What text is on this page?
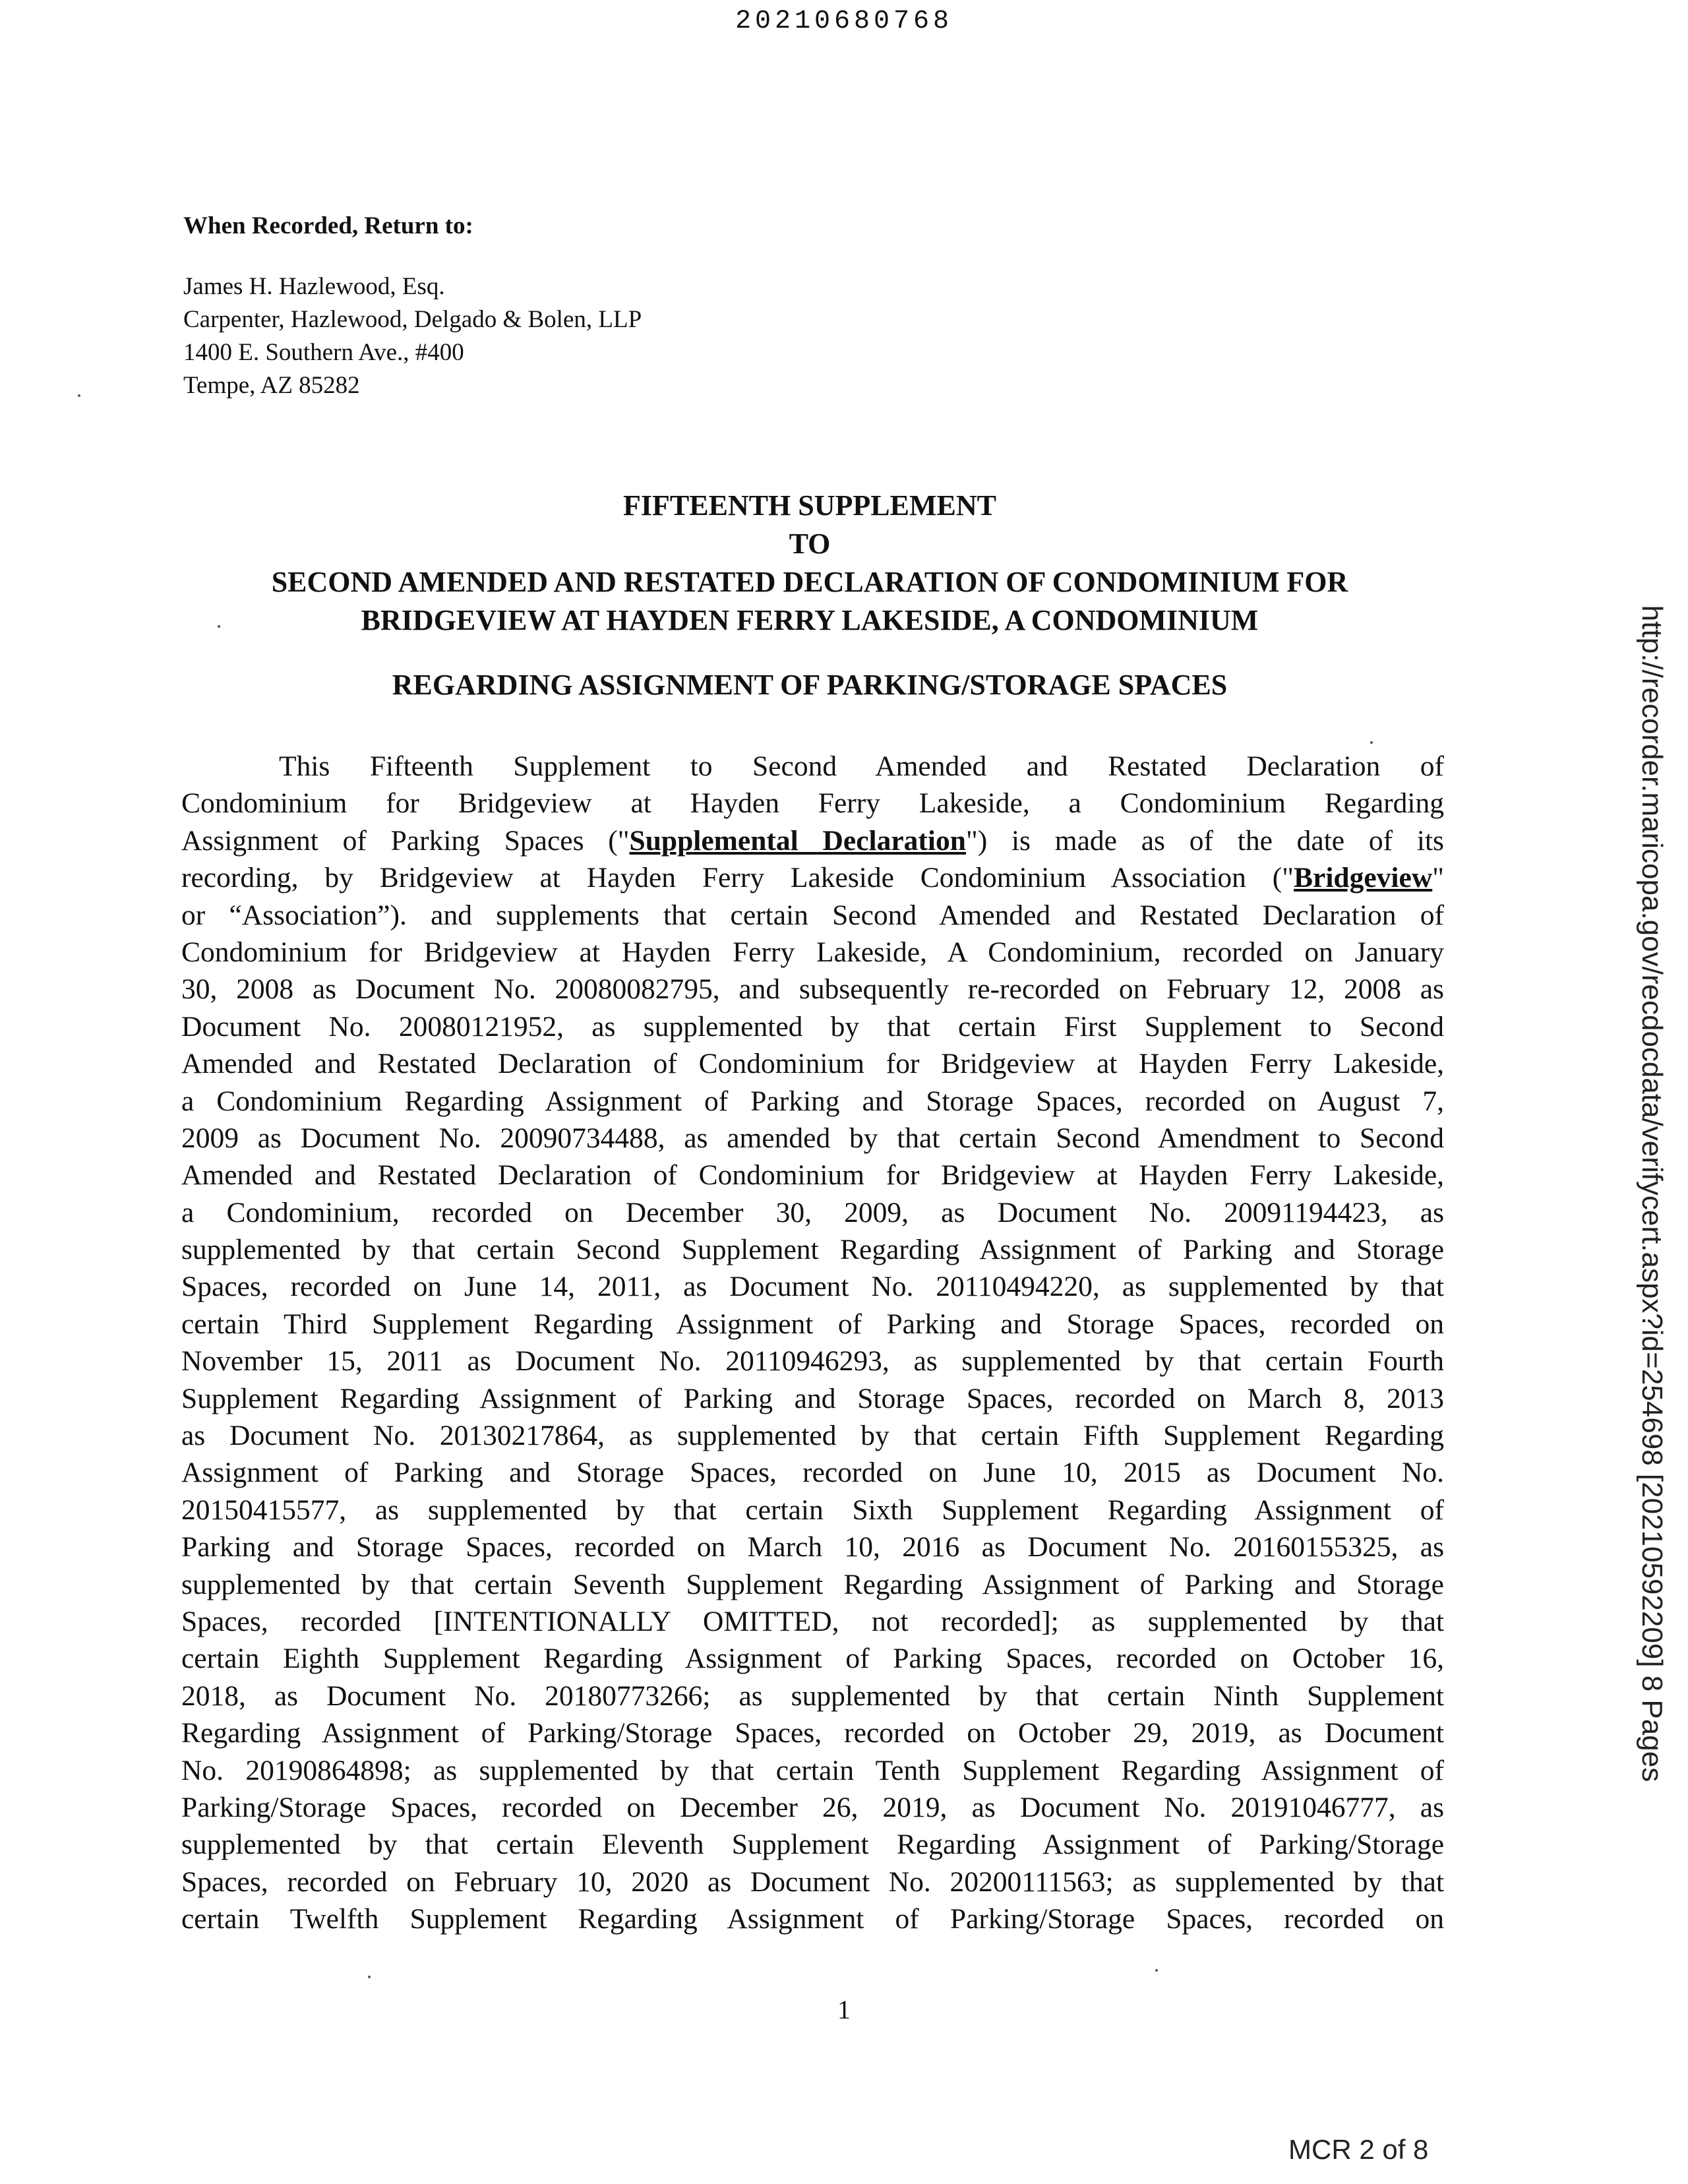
20210680768
When Recorded, Return to:
James H. Hazlewood, Esq.
Carpenter, Hazlewood, Delgado & Bolen, LLP
1400 E. Southern Ave., #400
Tempe, AZ 85282
FIFTEENTH SUPPLEMENT
TO
SECOND AMENDED AND RESTATED DECLARATION OF CONDOMINIUM FOR
BRIDGEVIEW AT HAYDEN FERRY LAKESIDE, A CONDOMINIUM
REGARDING ASSIGNMENT OF PARKING/STORAGE SPACES
This Fifteenth Supplement to Second Amended and Restated Declaration of
Condominium for Bridgeview at Hayden Ferry Lakeside, a Condominium Regarding
Assignment of Parking Spaces ("Supplemental Declaration") is made as of the date of its
recording, by Bridgeview at Hayden Ferry Lakeside Condominium Association ("Bridgeview"
or “Association”). and supplements that certain Second Amended and Restated Declaration of
Condominium for Bridgeview at Hayden Ferry Lakeside, A Condominium, recorded on January
30, 2008 as Document No. 20080082795, and subsequently re-recorded on February 12, 2008 as
Document No. 20080121952, as supplemented by that certain First Supplement to Second
Amended and Restated Declaration of Condominium for Bridgeview at Hayden Ferry Lakeside,
a Condominium Regarding Assignment of Parking and Storage Spaces, recorded on August 7,
2009 as Document No. 20090734488, as amended by that certain Second Amendment to Second
Amended and Restated Declaration of Condominium for Bridgeview at Hayden Ferry Lakeside,
a Condominium, recorded on December 30, 2009, as Document No. 20091194423, as
supplemented by that certain Second Supplement Regarding Assignment of Parking and Storage
Spaces, recorded on June 14, 2011, as Document No. 20110494220, as supplemented by that
certain Third Supplement Regarding Assignment of Parking and Storage Spaces, recorded on
November 15, 2011 as Document No. 20110946293, as supplemented by that certain Fourth
Supplement Regarding Assignment of Parking and Storage Spaces, recorded on March 8, 2013
as Document No. 20130217864, as supplemented by that certain Fifth Supplement Regarding
Assignment of Parking and Storage Spaces, recorded on June 10, 2015 as Document No.
20150415577, as supplemented by that certain Sixth Supplement Regarding Assignment of
Parking and Storage Spaces, recorded on March 10, 2016 as Document No. 20160155325, as
supplemented by that certain Seventh Supplement Regarding Assignment of Parking and Storage
Spaces, recorded [INTENTIONALLY OMITTED, not recorded]; as supplemented by that
certain Eighth Supplement Regarding Assignment of Parking Spaces, recorded on October 16,
2018, as Document No. 20180773266; as supplemented by that certain Ninth Supplement
Regarding Assignment of Parking/Storage Spaces, recorded on October 29, 2019, as Document
No. 20190864898; as supplemented by that certain Tenth Supplement Regarding Assignment of
Parking/Storage Spaces, recorded on December 26, 2019, as Document No. 20191046777, as
supplemented by that certain Eleventh Supplement Regarding Assignment of Parking/Storage
Spaces, recorded on February 10, 2020 as Document No. 20200111563; as supplemented by that
certain Twelfth Supplement Regarding Assignment of Parking/Storage Spaces, recorded on
1
MCR 2 of 8
http://recorder.maricopa.gov/recdocdata/verifycert.aspx?id=254698 [20210592209] 8 Pages
